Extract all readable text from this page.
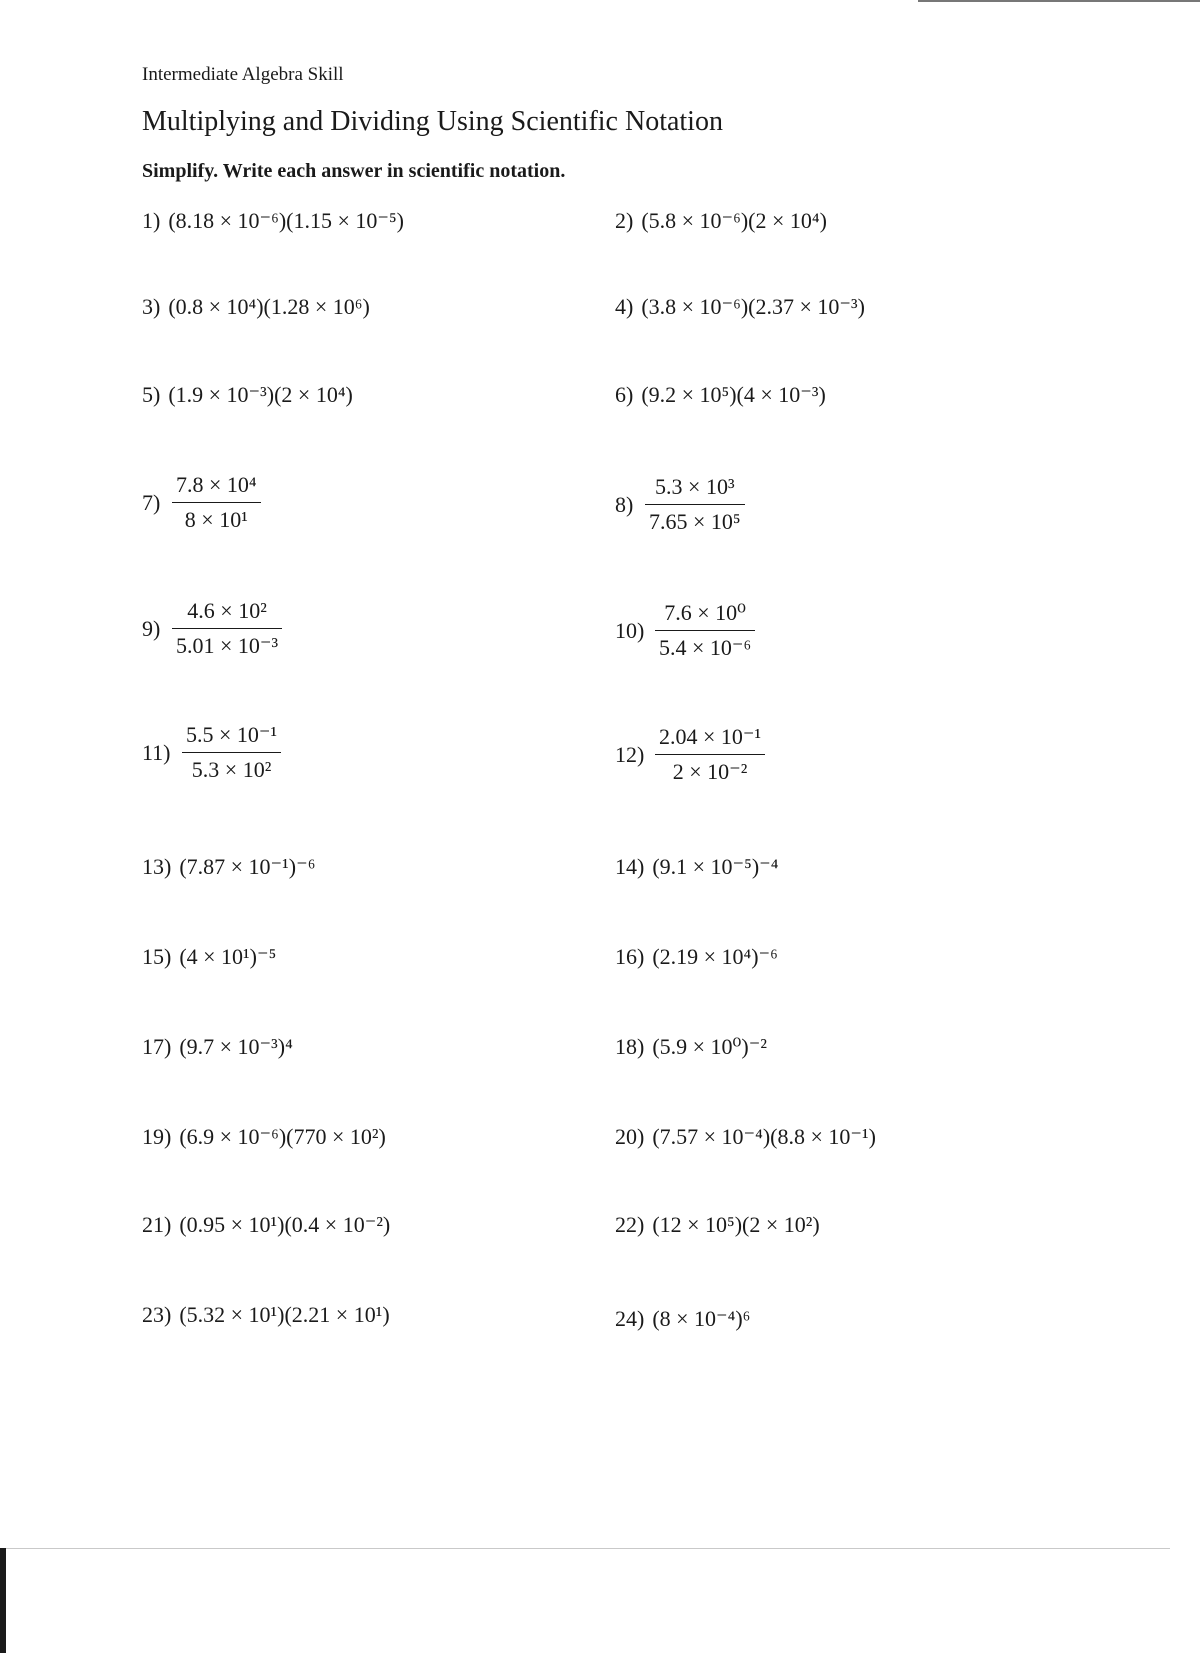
Intermediate Algebra Skill
Multiplying and Dividing Using Scientific Notation
Simplify. Write each answer in scientific notation.
1) (8.18 × 10⁻⁶)(1.15 × 10⁻⁵)	2) (5.8 × 10⁻⁶)(2 × 10⁴)
3) (0.8 × 10⁴)(1.28 × 10⁶)	4) (3.8 × 10⁻⁶)(2.37 × 10⁻³)
5) (1.9 × 10⁻³)(2 × 10⁴)	6) (9.2 × 10⁵)(4 × 10⁻³)
$7) \frac{\text{7.8 × 10⁴}}{\text{8 × 10¹}}$	$8) \frac{\text{5.3 × 10³}}{\text{7.65 × 10⁵}}$
$9) \frac{\text{4.6 × 10²}}{\text{5.01 × 10⁻³}}$	$10) \frac{\text{7.6 × 10⁰}}{\text{5.4 × 10⁻⁶}}$
$11) \frac{\text{5.5 × 10⁻¹}}{\text{5.3 × 10²}}$	$12) \frac{\text{2.04 × 10⁻¹}}{\text{2 × 10⁻²}}$
13) (7.87 × 10⁻¹)⁻⁶	14) (9.1 × 10⁻⁵)⁻⁴
15) (4 × 10¹)⁻⁵	16) (2.19 × 10⁴)⁻⁶
17) (9.7 × 10⁻³)⁴	18) (5.9 × 10⁰)⁻²
19) (6.9 × 10⁻⁶)(770 × 10²)	20) (7.57 × 10⁻⁴)(8.8 × 10⁻¹)
21) (0.95 × 10¹)(0.4 × 10⁻²)	22) (12 × 10⁵)(2 × 10²)
23) (5.32 × 10¹)(2.21 × 10¹)	24) (8 × 10⁻⁴)⁶
